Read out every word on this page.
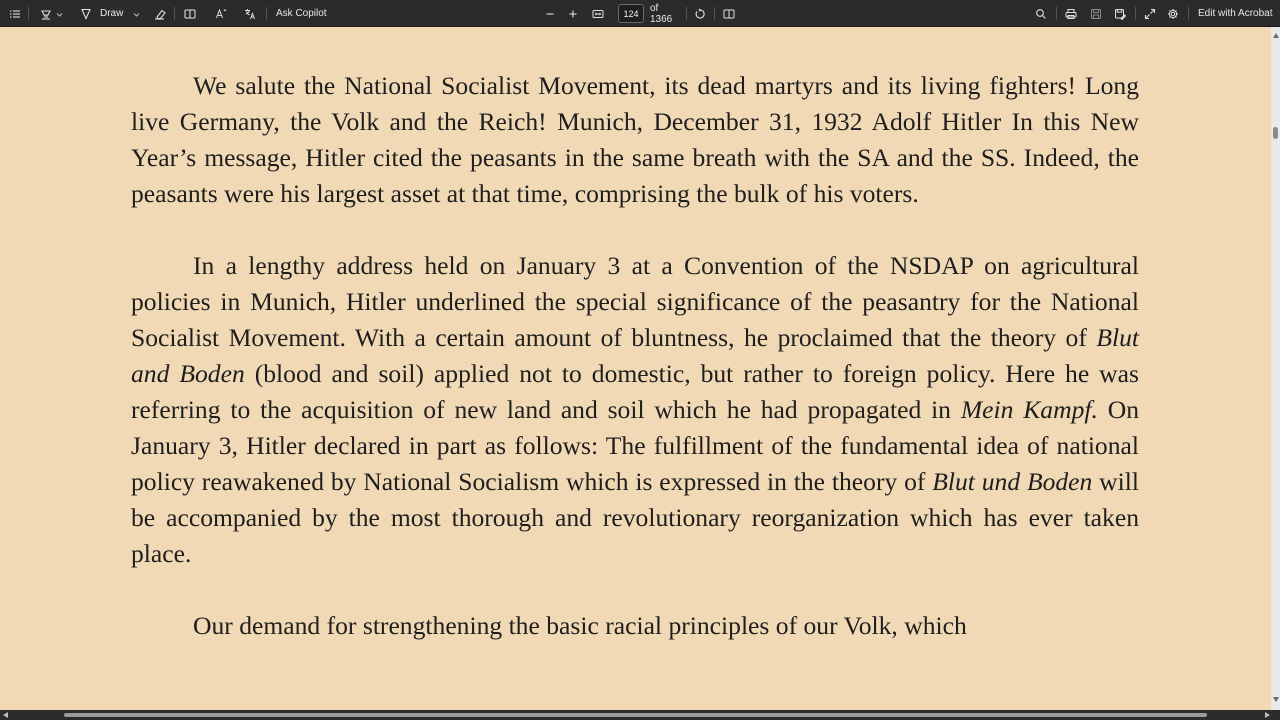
Draw	Ask Copilot	124	of 1366	Edit with Acrobat

We salute the National Socialist Movement, its dead martyrs and its living fighters! Long live Germany, the Volk and the Reich! Munich, December 31, 1932 Adolf Hitler In this New Year’s message, Hitler cited the peasants in the same breath with the SA and the SS. Indeed, the peasants were his largest asset at that time, comprising the bulk of his voters.

In a lengthy address held on January 3 at a Convention of the NSDAP on agricultural policies in Munich, Hitler underlined the special significance of the peasantry for the National Socialist Movement. With a certain amount of bluntness, he proclaimed that the theory of Blut and Boden (blood and soil) applied not to domestic, but rather to foreign policy. Here he was referring to the acquisition of new land and soil which he had propagated in Mein Kampf. On January 3, Hitler declared in part as follows: The fulfillment of the fundamental idea of national policy reawakened by National Socialism which is expressed in the theory of Blut und Boden will be accompanied by the most thorough and revolutionary reorganization which has ever taken place.

Our demand for strengthening the basic racial principles of our Volk, which
